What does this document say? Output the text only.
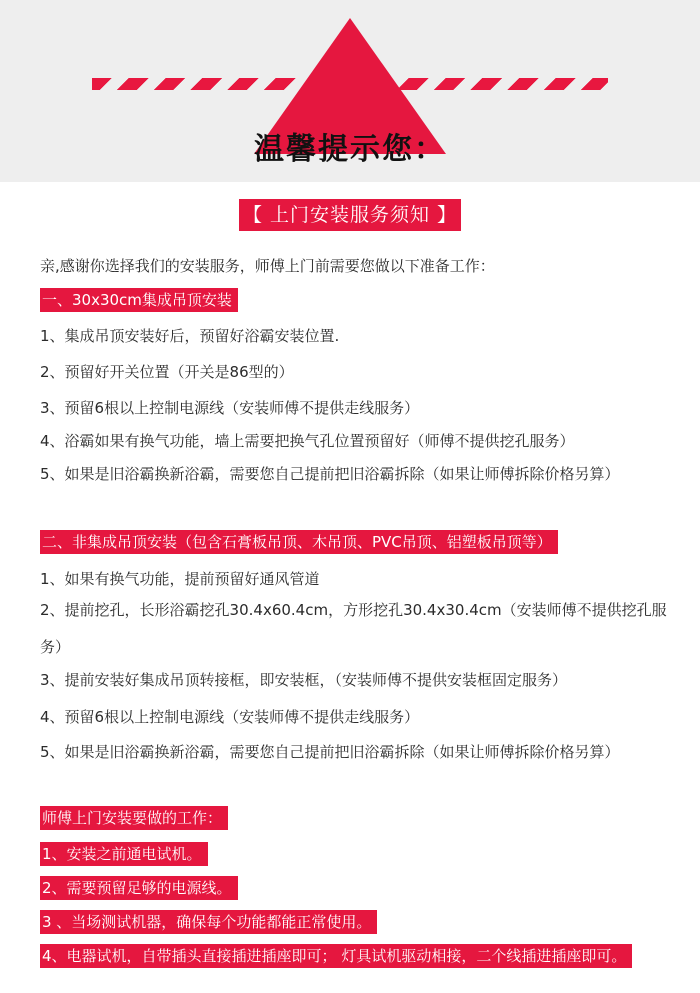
温馨提示您：
【 上门安装服务须知 】
亲,感谢你选择我们的安装服务，师傅上门前需要您做以下准备工作：
一、30x30cm集成吊顶安装
1、集成吊顶安装好后，预留好浴霸安装位置.
2、预留好开关位置（开关是86型的）
3、预留6根以上控制电源线（安装师傅不提供走线服务）
4、浴霸如果有换气功能，墙上需要把换气孔位置预留好（师傅不提供挖孔服务）
5、如果是旧浴霸换新浴霸，需要您自己提前把旧浴霸拆除（如果让师傅拆除价格另算）
二、非集成吊顶安装（包含石膏板吊顶、木吊顶、PVC吊顶、铝塑板吊顶等）
1、如果有换气功能，提前预留好通风管道
2、提前挖孔，长形浴霸挖孔30.4x60.4cm，方形挖孔30.4x30.4cm（安装师傅不提供挖孔服务）
3、提前安装好集成吊顶转接框，即安装框，（安装师傅不提供安装框固定服务）
4、预留6根以上控制电源线（安装师傅不提供走线服务）
5、如果是旧浴霸换新浴霸，需要您自己提前把旧浴霸拆除（如果让师傅拆除价格另算）
师傅上门安装要做的工作：
1、安装之前通电试机。
2、需要预留足够的电源线。
3 、当场测试机器，确保每个功能都能正常使用。
4、电器试机，自带插头直接插进插座即可； 灯具试机驱动相接，二个线插进插座即可。
